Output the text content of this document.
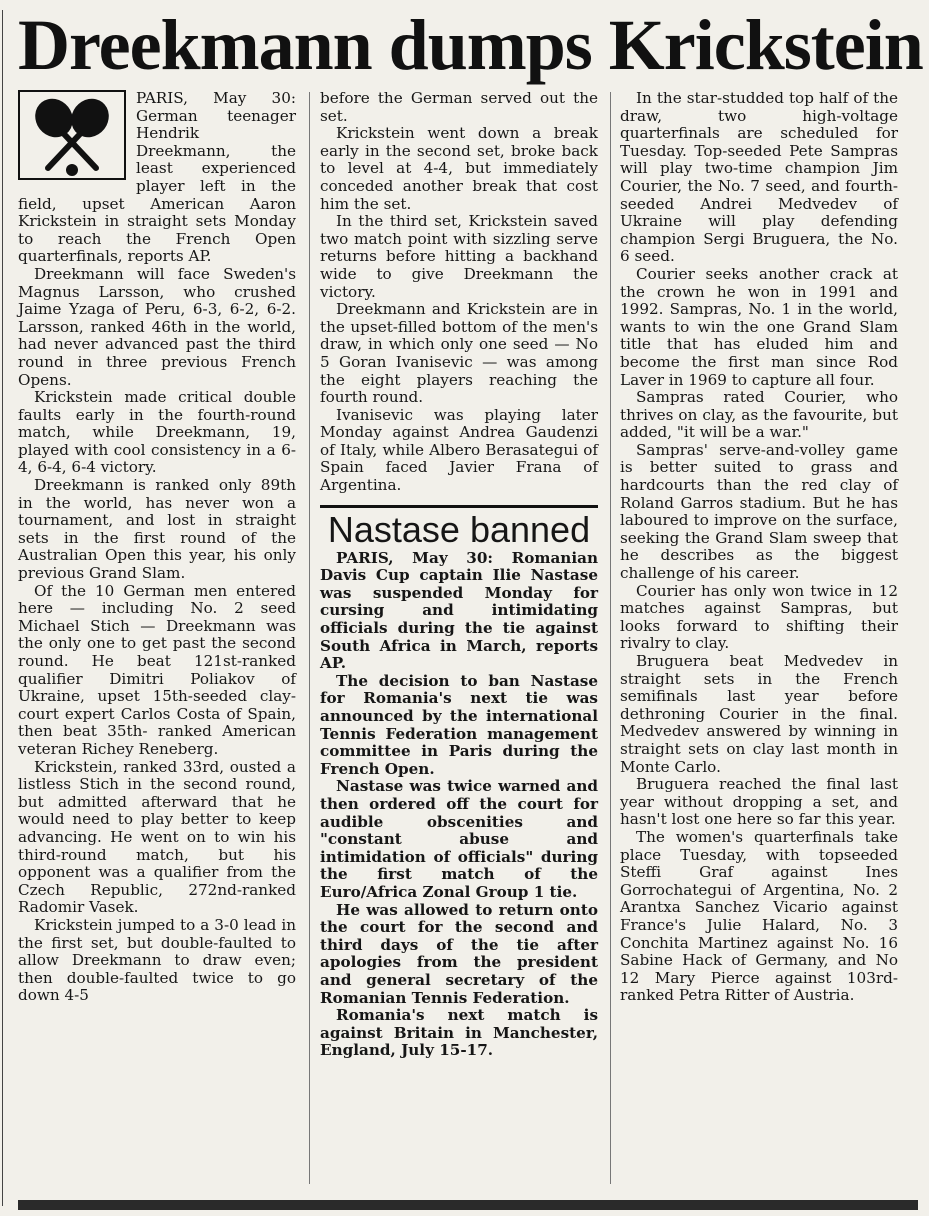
Dreekmann dumps Krickstein

PARIS, May 30: German teenager Hendrik Dreekmann, the least experienced player left in the field, upset American Aaron Krickstein in straight sets Monday to reach the French Open quarterfinals, reports AP.

Dreekmann will face Sweden's Magnus Larsson, who crushed Jaime Yzaga of Peru, 6-3, 6-2, 6-2. Larsson, ranked 46th in the world, had never advanced past the third round in three previous French Opens.

Krickstein made critical double faults early in the fourth-round match, while Dreekmann, 19, played with cool consistency in a 6-4, 6-4, 6-4 victory.

Dreekmann is ranked only 89th in the world, has never won a tournament, and lost in straight sets in the first round of the Australian Open this year, his only previous Grand Slam.

Of the 10 German men entered here — including No. 2 seed Michael Stich — Dreekmann was the only one to get past the second round. He beat 121st-ranked qualifier Dimitri Poliakov of Ukraine, upset 15th-seeded clay-court expert Carlos Costa of Spain, then beat 35th- ranked American veteran Richey Reneberg.

Krickstein, ranked 33rd, ousted a listless Stich in the second round, but admitted afterward that he would need to play better to keep advancing. He went on to win his third-round match, but his opponent was a qualifier from the Czech Republic, 272nd-ranked Radomir Vasek.

Krickstein jumped to a 3-0 lead in the first set, but double-faulted to allow Dreekmann to draw even; then double-faulted twice to go down 4-5

before the German served out the set.

Krickstein went down a break early in the second set, broke back to level at 4-4, but immediately conceded another break that cost him the set.

In the third set, Krickstein saved two match point with sizzling serve returns before hitting a backhand wide to give Dreekmann the victory.

Dreekmann and Krickstein are in the upset-filled bottom of the men's draw, in which only one seed — No 5 Goran Ivanisevic — was among the eight players reaching the fourth round.

Ivanisevic was playing later Monday against Andrea Gaudenzi of Italy, while Albero Berasategui of Spain faced Javier Frana of Argentina.

Nastase banned

PARIS, May 30: Romanian Davis Cup captain Ilie Nastase was suspended Monday for cursing and intimidating officials during the tie against South Africa in March, reports AP.

The decision to ban Nastase for Romania's next tie was announced by the international Tennis Federation management committee in Paris during the French Open.

Nastase was twice warned and then ordered off the court for audible obscenities and "constant abuse and intimidation of officials" during the first match of the Euro/Africa Zonal Group 1 tie.

He was allowed to return onto the court for the second and third days of the tie after apologies from the president and general secretary of the Romanian Tennis Federation.

Romania's next match is against Britain in Manchester, England, July 15-17.

In the star-studded top half of the draw, two high-voltage quarterfinals are scheduled for Tuesday. Top-seeded Pete Sampras will play two-time champion Jim Courier, the No. 7 seed, and fourth-seeded Andrei Medvedev of Ukraine will play defending champion Sergi Bruguera, the No. 6 seed.

Courier seeks another crack at the crown he won in 1991 and 1992. Sampras, No. 1 in the world, wants to win the one Grand Slam title that has eluded him and become the first man since Rod Laver in 1969 to capture all four.

Sampras rated Courier, who thrives on clay, as the favourite, but added, "it will be a war."

Sampras' serve-and-volley game is better suited to grass and hardcourts than the red clay of Roland Garros stadium. But he has laboured to improve on the surface, seeking the Grand Slam sweep that he describes as the biggest challenge of his career.

Courier has only won twice in 12 matches against Sampras, but looks forward to shifting their rivalry to clay.

Bruguera beat Medvedev in straight sets in the French semifinals last year before dethroning Courier in the final. Medvedev answered by winning in straight sets on clay last month in Monte Carlo.

Bruguera reached the final last year without dropping a set, and hasn't lost one here so far this year.

The women's quarterfinals take place Tuesday, with topseeded Steffi Graf against Ines Gorrochategui of Argentina, No. 2 Arantxa Sanchez Vicario against France's Julie Halard, No. 3 Conchita Martinez against No. 16 Sabine Hack of Germany, and No 12 Mary Pierce against 103rd-ranked Petra Ritter of Austria.
